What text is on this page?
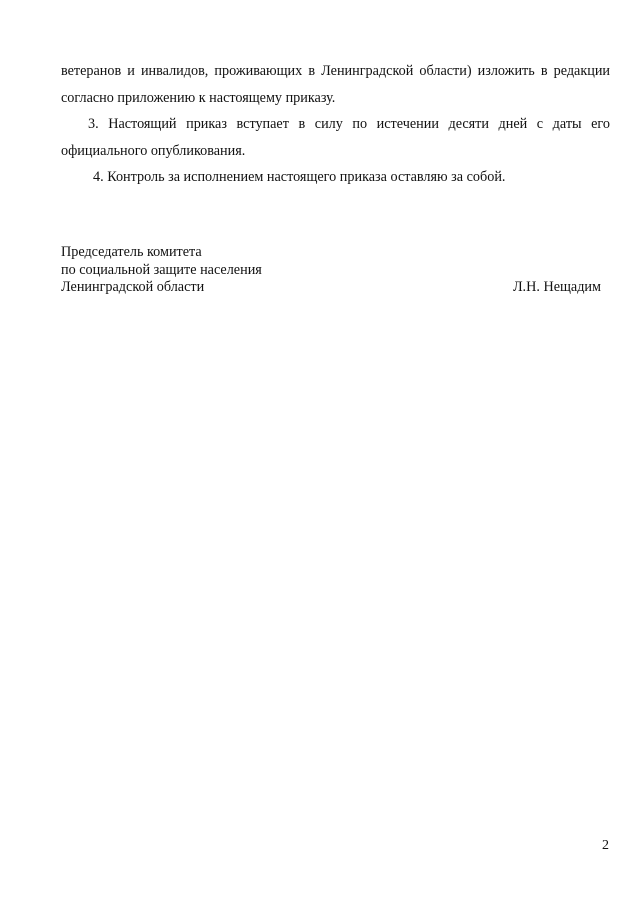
ветеранов и инвалидов, проживающих в Ленинградской области) изложить в редакции согласно приложению к настоящему приказу.

3. Настоящий приказ вступает в силу по истечении десяти дней с даты его официального опубликования.

4. Контроль за исполнением настоящего приказа оставляю за собой.

Председатель комитета
по социальной защите населения
Ленинградской области	Л.Н. Нещадим
2
